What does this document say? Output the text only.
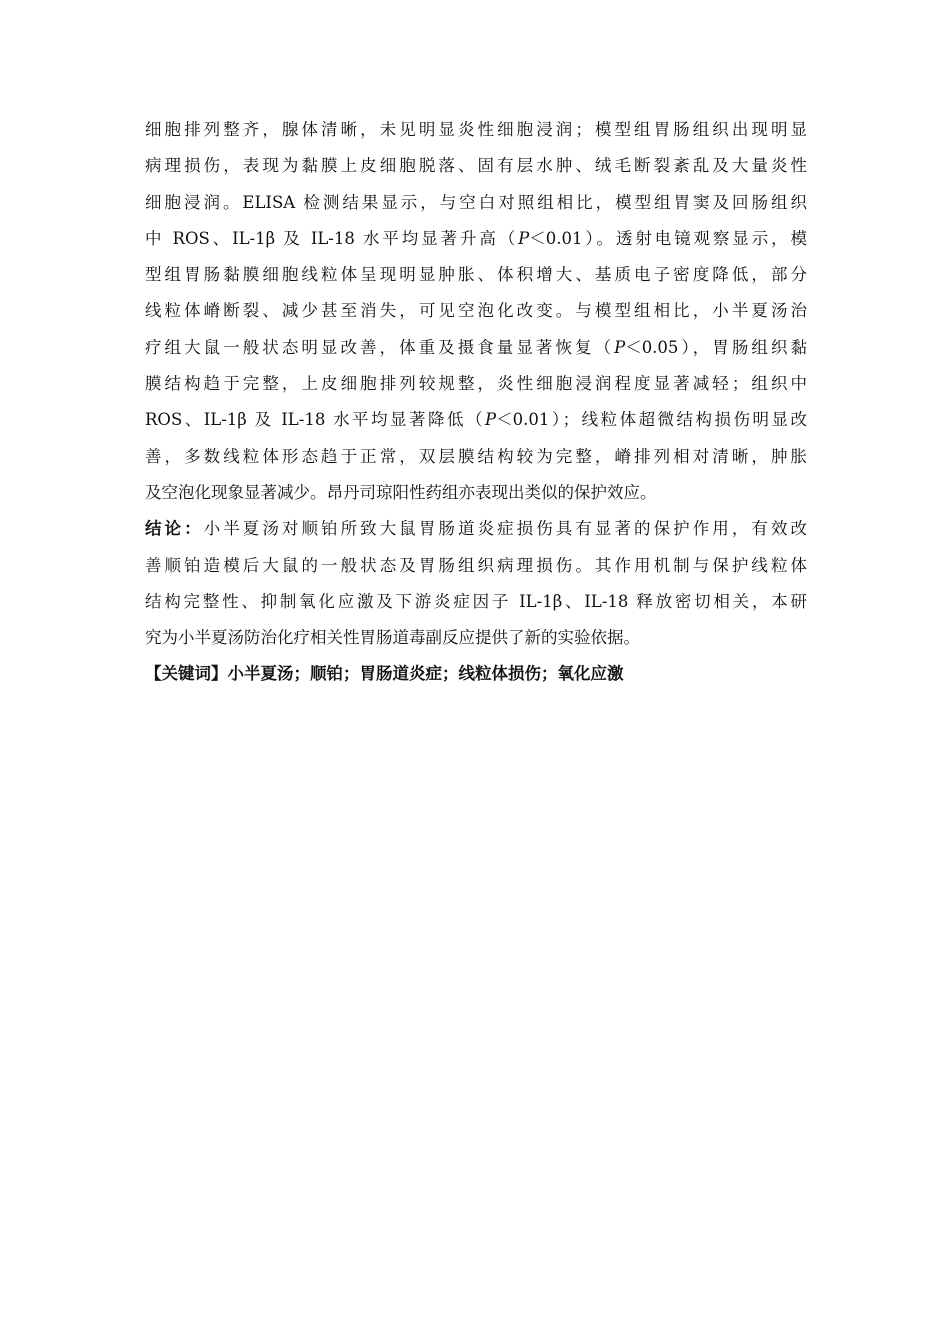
细胞排列整齐，腺体清晰，未见明显炎性细胞浸润；模型组胃肠组织出现明显
病理损伤，表现为黏膜上皮细胞脱落、固有层水肿、绒毛断裂紊乱及大量炎性
细胞浸润。ELISA 检测结果显示，与空白对照组相比，模型组胃窦及回肠组织
中 ROS、IL-1β 及 IL-18 水平均显著升高（P＜0.01）。透射电镜观察显示，模
型组胃肠黏膜细胞线粒体呈现明显肿胀、体积增大、基质电子密度降低，部分
线粒体嵴断裂、减少甚至消失，可见空泡化改变。与模型组相比，小半夏汤治
疗组大鼠一般状态明显改善，体重及摄食量显著恢复（P＜0.05），胃肠组织黏
膜结构趋于完整，上皮细胞排列较规整，炎性细胞浸润程度显著减轻；组织中
ROS、IL-1β 及 IL-18 水平均显著降低（P＜0.01）；线粒体超微结构损伤明显改
善，多数线粒体形态趋于正常，双层膜结构较为完整，嵴排列相对清晰，肿胀
及空泡化现象显著减少。昂丹司琼阳性药组亦表现出类似的保护效应。
结论：小半夏汤对顺铂所致大鼠胃肠道炎症损伤具有显著的保护作用，有效改
善顺铂造模后大鼠的一般状态及胃肠组织病理损伤。其作用机制与保护线粒体
结构完整性、抑制氧化应激及下游炎症因子 IL-1β、IL-18 释放密切相关，本研
究为小半夏汤防治化疗相关性胃肠道毒副反应提供了新的实验依据。
【关键词】小半夏汤；顺铂；胃肠道炎症；线粒体损伤；氧化应激
